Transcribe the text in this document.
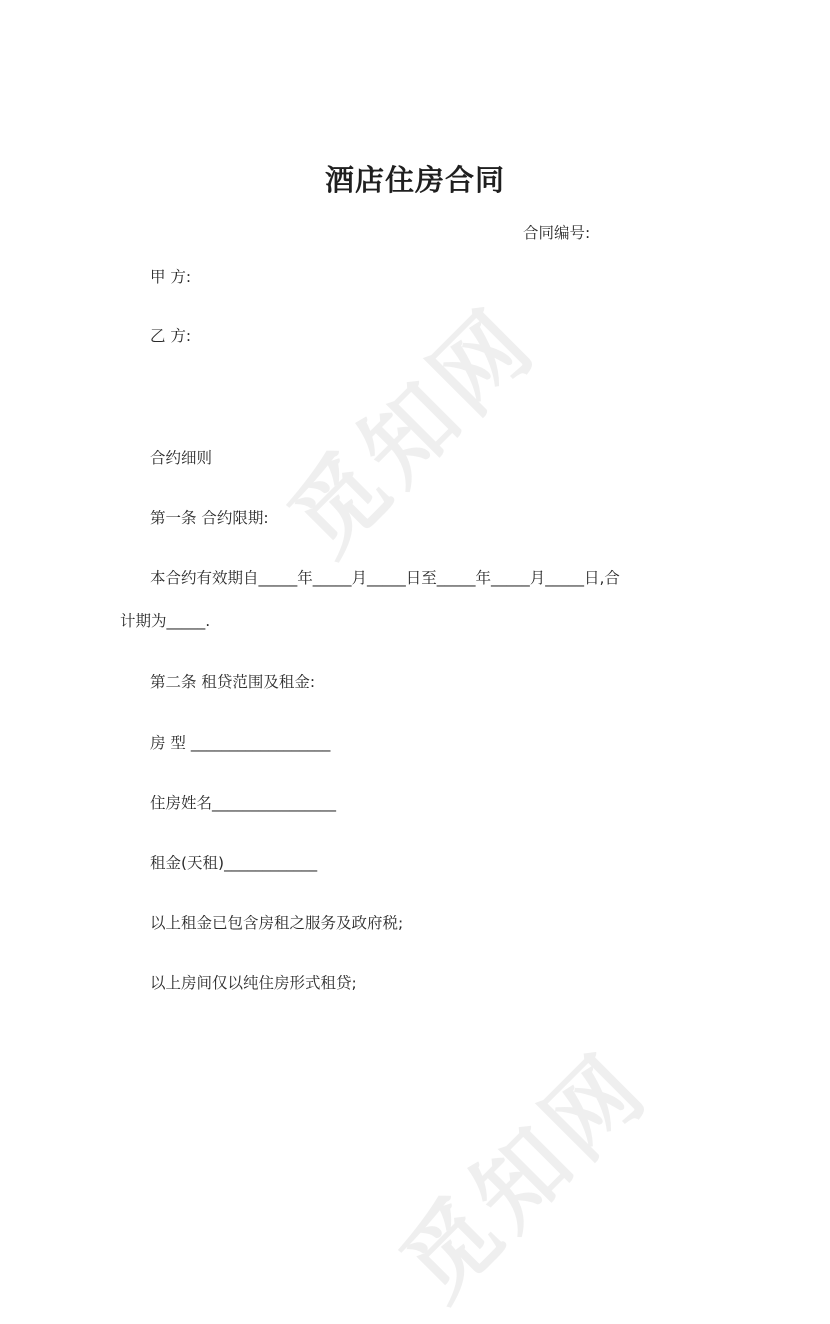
觅知网
觅知网
酒店住房合同
合同编号:
甲 方:
乙 方:
合约细则
第一条 合约限期:
本合约有效期自_____年_____月_____日至_____年_____月_____日,合
计期为_____.
第二条 租贷范围及租金:
房 型 __________________
住房姓名________________
租金(天租)____________
以上租金已包含房租之服务及政府税;
以上房间仅以纯住房形式租贷;
